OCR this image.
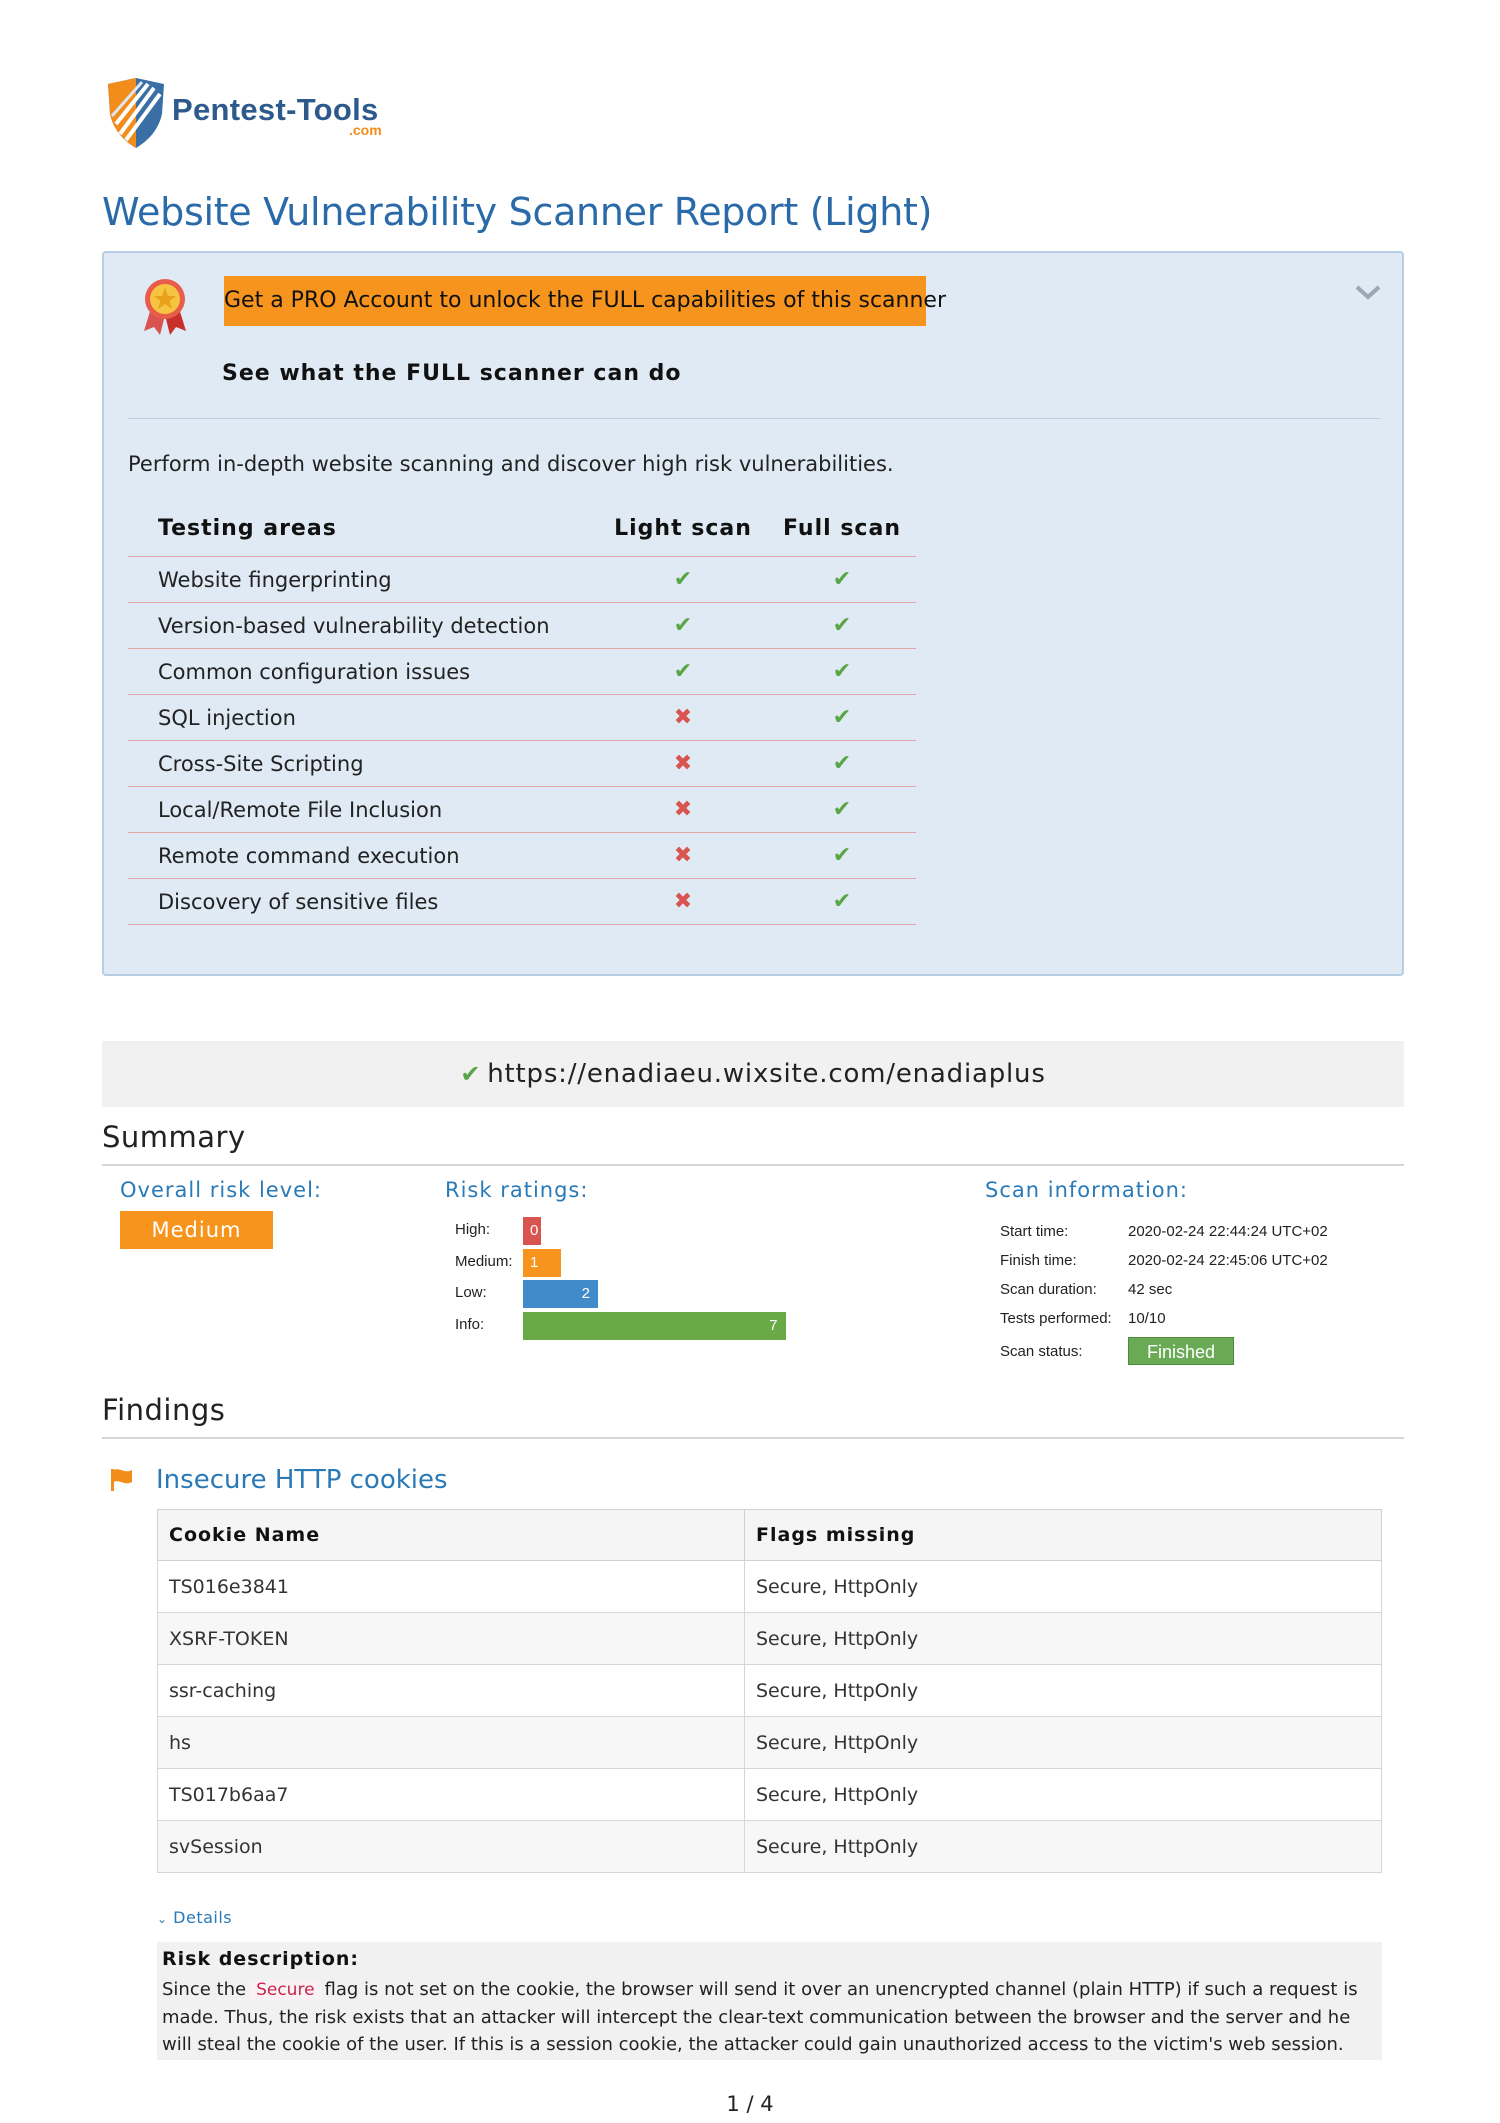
Pentest-Tools
.com
Website Vulnerability Scanner Report (Light)
Get a PRO Account to unlock the FULL capabilities of this scanner
See what the FULL scanner can do
Perform in-depth website scanning and discover high risk vulnerabilities.
Testing areas	Light scan	Full scan
Website fingerprinting	✔	✔
Version-based vulnerability detection	✔	✔
Common configuration issues	✔	✔
SQL injection	✖	✔
Cross-Site Scripting	✖	✔
Local/Remote File Inclusion	✖	✔
Remote command execution	✖	✔
Discovery of sensitive files	✖	✔
✔ https://enadiaeu.wixsite.com/enadiaplus
Summary
Overall risk level:
Medium
Risk ratings:
High:	0
Medium: 1
Low:	2
Info:	7
Scan information:
Start time:	2020-02-24 22:44:24 UTC+02
Finish time:	2020-02-24 22:45:06 UTC+02
Scan duration: 42 sec
Tests performed: 10/10
Scan status:	Finished
Findings
Insecure HTTP cookies
Cookie Name	Flags missing
TS016e3841	Secure, HttpOnly
XSRF-TOKEN	Secure, HttpOnly
ssr-caching	Secure, HttpOnly
hs	Secure, HttpOnly
TS017b6aa7	Secure, HttpOnly
svSession	Secure, HttpOnly
⌄ Details
Risk description:
Since the Secure flag is not set on the cookie, the browser will send it over an unencrypted channel (plain HTTP) if such a request is made. Thus, the risk exists that an attacker will intercept the clear-text communication between the browser and the server and he will steal the cookie of the user. If this is a session cookie, the attacker could gain unauthorized access to the victim's web session.
1 / 4
